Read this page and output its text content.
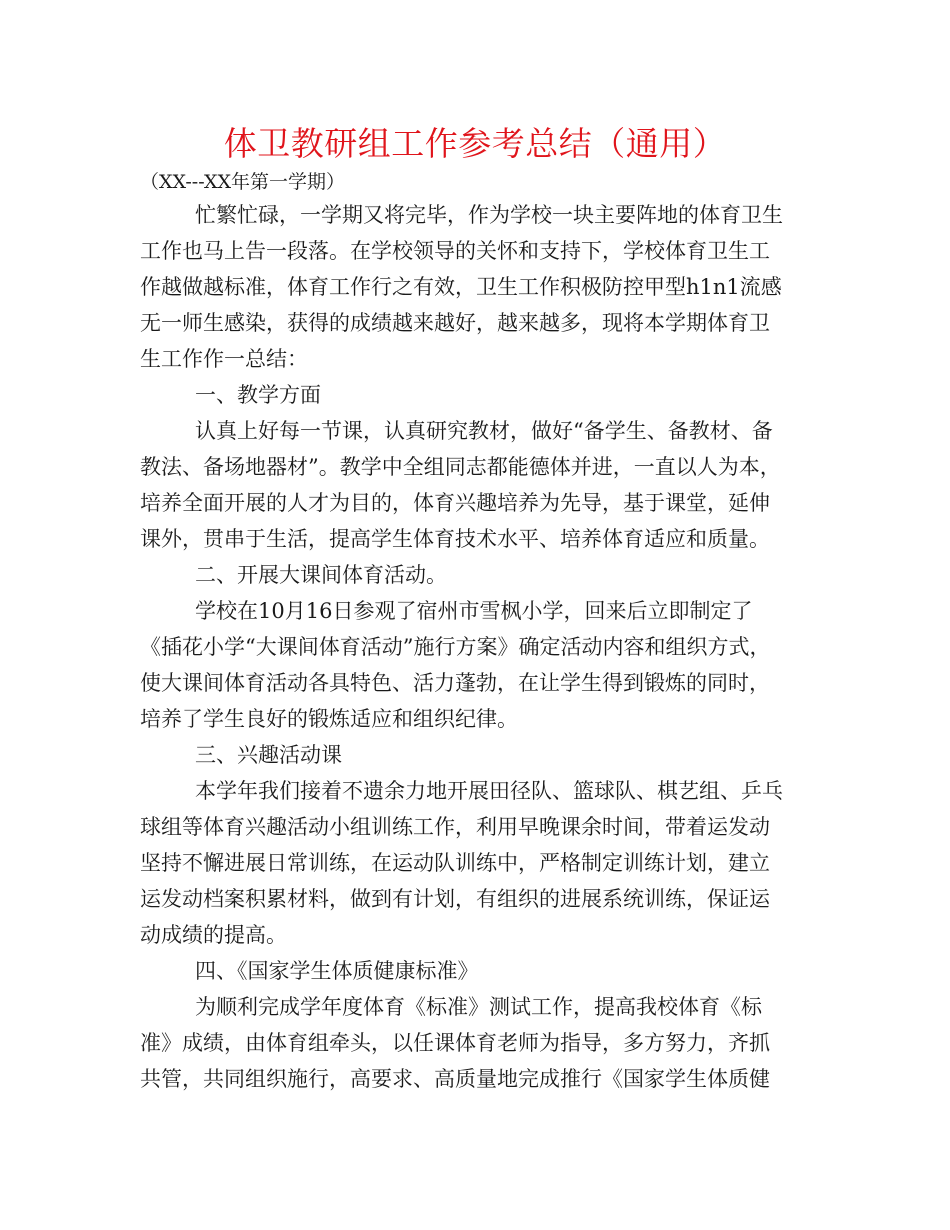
体卫教研组工作参考总结（通用）
（XX---XX年第一学期）
忙繁忙碌，一学期又将完毕，作为学校一块主要阵地的体育卫生
工作也马上告一段落。在学校领导的关怀和支持下，学校体育卫生工
作越做越标准，体育工作行之有效，卫生工作积极防控甲型h1n1流感
无一师生感染，获得的成绩越来越好，越来越多，现将本学期体育卫
生工作作一总结：
一、教学方面
认真上好每一节课，认真研究教材，做好“备学生、备教材、备
教法、备场地器材”。教学中全组同志都能德体并进，一直以人为本，
培养全面开展的人才为目的，体育兴趣培养为先导，基于课堂，延伸
课外，贯串于生活，提高学生体育技术水平、培养体育适应和质量。
二、开展大课间体育活动。
学校在10月16日参观了宿州市雪枫小学，回来后立即制定了
《插花小学“大课间体育活动”施行方案》确定活动内容和组织方式，
使大课间体育活动各具特色、活力蓬勃，在让学生得到锻炼的同时，
培养了学生良好的锻炼适应和组织纪律。
三、兴趣活动课
本学年我们接着不遗余力地开展田径队、篮球队、棋艺组、乒乓
球组等体育兴趣活动小组训练工作，利用早晚课余时间，带着运发动
坚持不懈进展日常训练，在运动队训练中，严格制定训练计划，建立
运发动档案积累材料，做到有计划，有组织的进展系统训练，保证运
动成绩的提高。
四、《国家学生体质健康标准》
为顺利完成学年度体育《标准》测试工作，提高我校体育《标
准》成绩，由体育组牵头，以任课体育老师为指导，多方努力，齐抓
共管，共同组织施行，高要求、高质量地完成推行《国家学生体质健
